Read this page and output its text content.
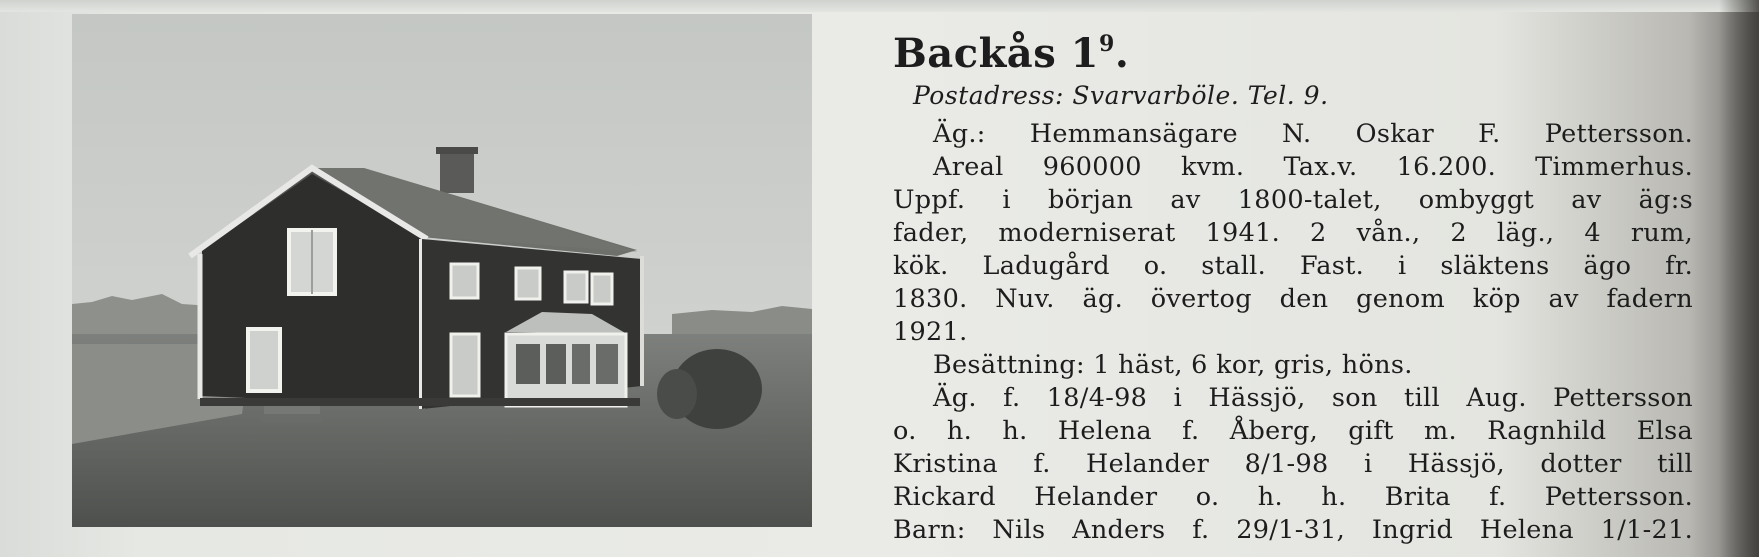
Backås $1^9$.
Postadress: Svarvarböle. Tel. 9.
Äg.: Hemmansägare N. Oskar F. Pettersson.
Areal 960000 kvm. Tax.v. 16.200. Timmerhus.
Uppf. i början av 1800-talet, ombyggt av äg:s
fader, moderniserat 1941. 2 vån., 2 läg., 4 rum,
kök. Ladugård o. stall. Fast. i släktens ägo fr.
1830. Nuv. äg. övertog den genom köp av fadern
1921.
Besättning: 1 häst, 6 kor, gris, höns.
Äg. f. 18/4-98 i Hässjö, son till Aug. Pettersson
o. h. h. Helena f. Åberg, gift m. Ragnhild Elsa
Kristina f. Helander 8/1-98 i Hässjö, dotter till
Rickard Helander o. h. h. Brita f. Pettersson.
Barn: Nils Anders f. 29/1-31, Ingrid Helena 1/1-21.
